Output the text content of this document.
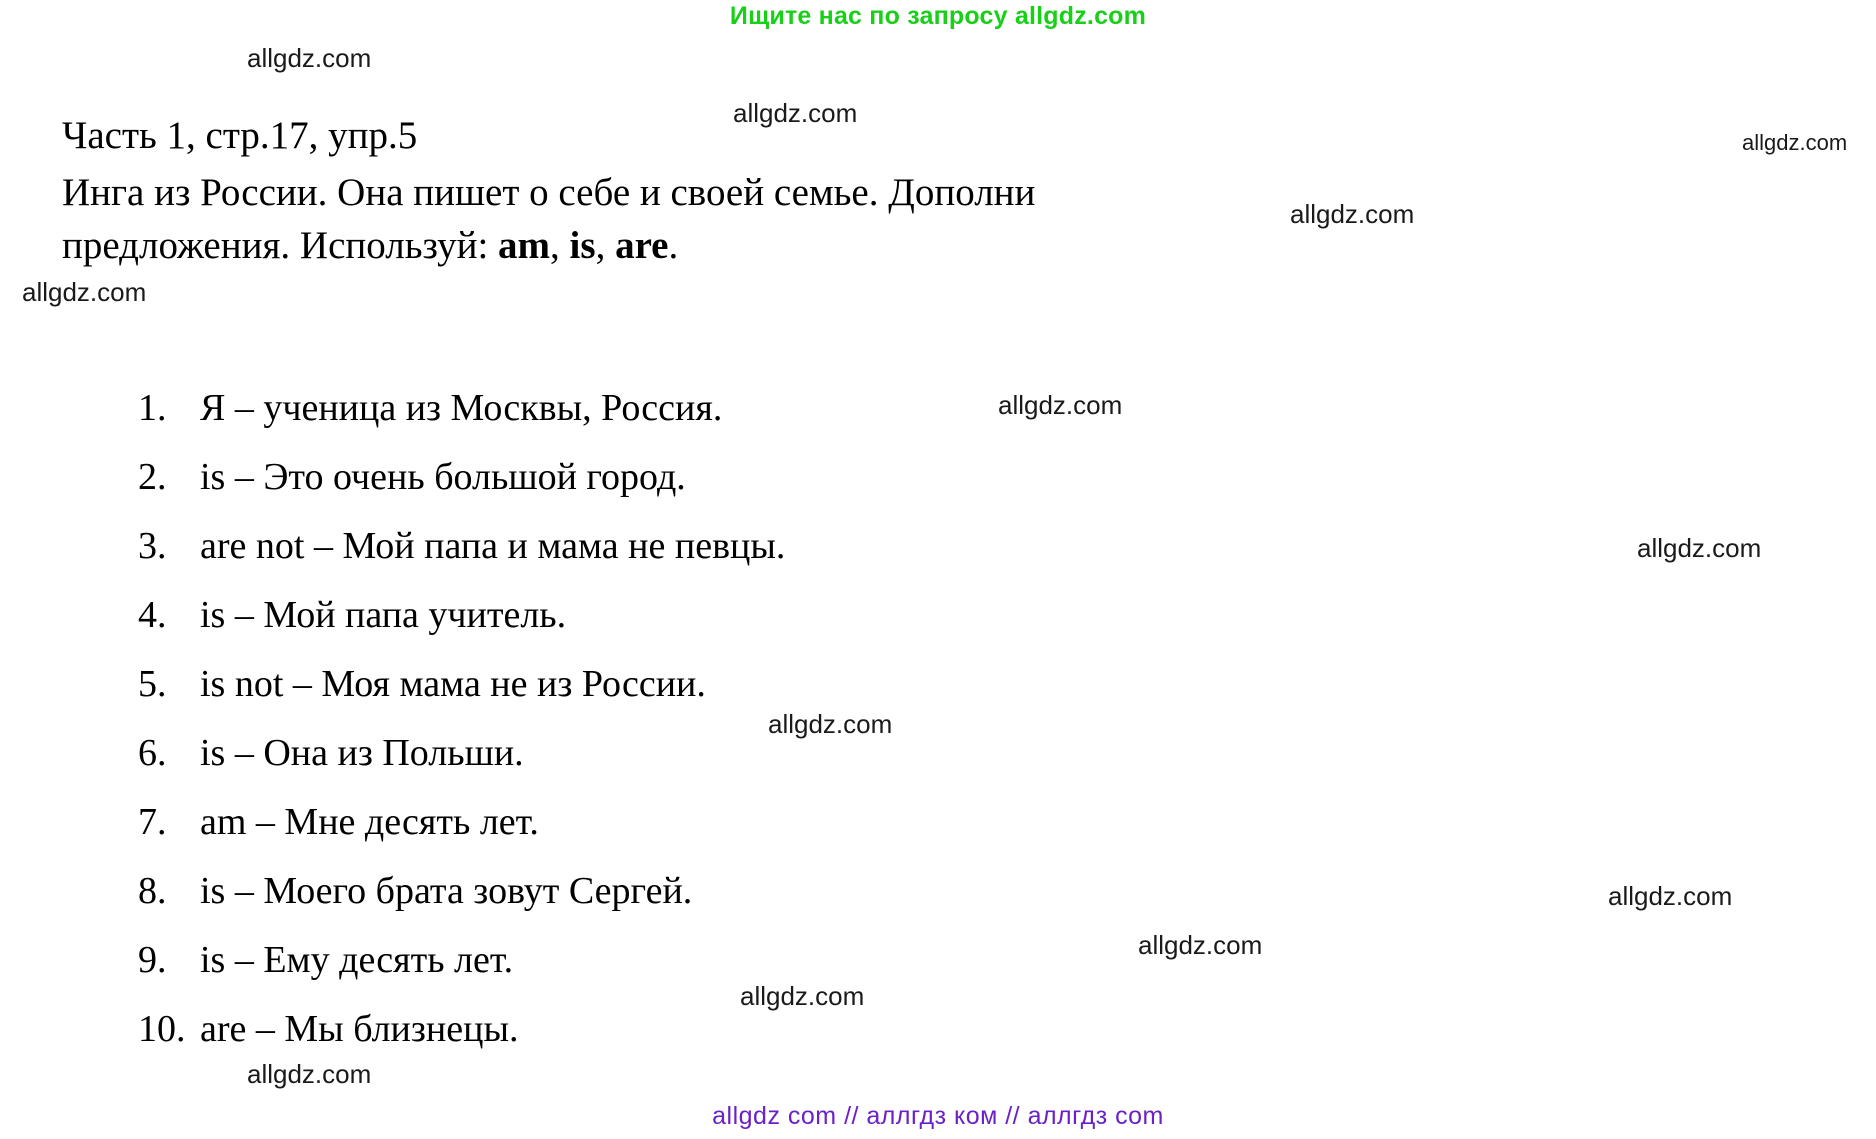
Ищите нас по запросу allgdz.com
Часть 1, стр.17, упр.5
Инга из России. Она пишет о себе и своей семье. Дополни
предложения. Используй: am, is, are.
1. Я – ученица из Москвы, Россия.
2. is – Это очень большой город.
3. are not – Мой папа и мама не певцы.
4. is – Мой папа учитель.
5. is not – Моя мама не из России.
6. is – Она из Польши.
7. am – Мне десять лет.
8. is – Моего брата зовут Сергей.
9. is – Ему десять лет.
10. are – Мы близнецы.
allgdz.com
allgdz.com
allgdz.com
allgdz.com
allgdz.com
allgdz.com
allgdz.com
allgdz.com
allgdz.com
allgdz.com
allgdz.com
allgdz.com
allgdz com // аллгдз ком // аллгдз com
